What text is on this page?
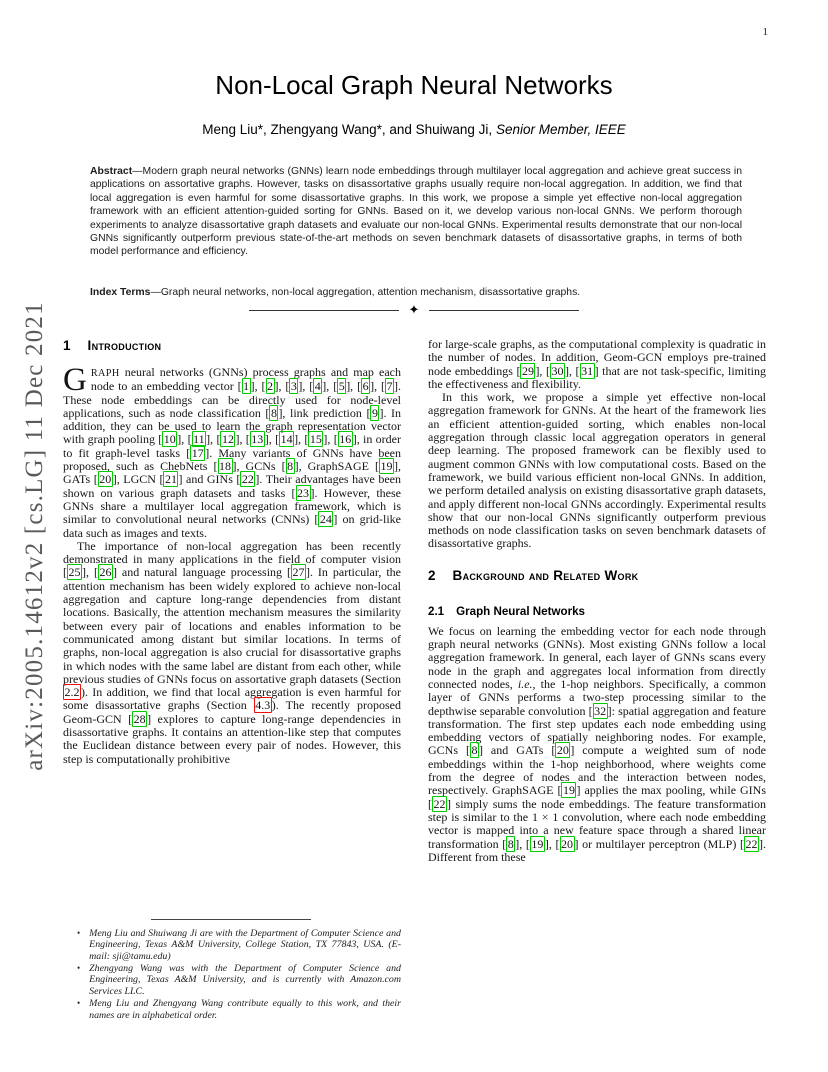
1
arXiv:2005.14612v2 [cs.LG] 11 Dec 2021
Non-Local Graph Neural Networks
Meng Liu*, Zhengyang Wang*, and Shuiwang Ji, Senior Member, IEEE
Abstract—Modern graph neural networks (GNNs) learn node embeddings through multilayer local aggregation and achieve great success in applications on assortative graphs. However, tasks on disassortative graphs usually require non-local aggregation. In addition, we find that local aggregation is even harmful for some disassortative graphs. In this work, we propose a simple yet effective non-local aggregation framework with an efficient attention-guided sorting for GNNs. Based on it, we develop various non-local GNNs. We perform thorough experiments to analyze disassortative graph datasets and evaluate our non-local GNNs. Experimental results demonstrate that our non-local GNNs significantly outperform previous state-of-the-art methods on seven benchmark datasets of disassortative graphs, in terms of both model performance and efficiency.
Index Terms—Graph neural networks, non-local aggregation, attention mechanism, disassortative graphs.
✦
1 Introduction

GRAPH neural networks (GNNs) process graphs and map each node to an embedding vector [ 1 ], [ 2 ], [ 3 ], [ 4 ], [ 5 ], [ 6 ], [ 7 ]. These node embeddings can be directly used for node-level applications, such as node classification [ 8 ], link prediction [ 9 ]. In addition, they can be used to learn the graph representation vector with graph pooling [ 10 ], [ 11 ], [ 12 ], [ 13 ], [ 14 ], [ 15 ], [ 16 ], in order to fit graph-level tasks [ 17 ]. Many variants of GNNs have been proposed, such as ChebNets [ 18 ], GCNs [ 8 ], GraphSAGE [ 19 ], GATs [ 20 ], LGCN [ 21 ] and GINs [ 22 ]. Their advantages have been shown on various graph datasets and tasks [ 23 ]. However, these GNNs share a multilayer local aggregation framework, which is similar to convolutional neural networks (CNNs) [ 24 ] on grid-like data such as images and texts.

The importance of non-local aggregation has been recently demonstrated in many applications in the field of computer vision [ 25 ], [ 26 ] and natural language processing [ 27 ]. In particular, the attention mechanism has been widely explored to achieve non-local aggregation and capture long-range dependencies from distant locations. Basically, the attention mechanism measures the similarity between every pair of locations and enables information to be communicated among distant but similar locations. In terms of graphs, non-local aggregation is also crucial for disassortative graphs in which nodes with the same label are distant from each other, while previous studies of GNNs focus on assortative graph datasets (Section 2.2 ). In addition, we find that local aggregation is even harmful for some disassortative graphs (Section 4.3 ). The recently proposed Geom-GCN [ 28 ] explores to capture long-range dependencies in disassortative graphs. It contains an attention-like step that computes the Euclidean distance between every pair of nodes. However, this step is computationally prohibitive

• Meng Liu and Shuiwang Ji are with the Department of Computer Science and Engineering, Texas A&M University, College Station, TX 77843, USA. (E-mail: sji@tamu.edu)
• Zhengyang Wang was with the Department of Computer Science and Engineering, Texas A&M University, and is currently with Amazon.com Services LLC.
• Meng Liu and Zhengyang Wang contribute equally to this work, and their names are in alphabetical order.

for large-scale graphs, as the computational complexity is quadratic in the number of nodes. In addition, Geom-GCN employs pre-trained node embeddings [ 29 ], [ 30 ], [ 31 ] that are not task-specific, limiting the effectiveness and flexibility.

In this work, we propose a simple yet effective non-local aggregation framework for GNNs. At the heart of the framework lies an efficient attention-guided sorting, which enables non-local aggregation through classic local aggregation operators in general deep learning. The proposed framework can be flexibly used to augment common GNNs with low computational costs. Based on the framework, we build various efficient non-local GNNs. In addition, we perform detailed analysis on existing disassortative graph datasets, and apply different non-local GNNs accordingly. Experimental results show that our non-local GNNs significantly outperform previous methods on node classification tasks on seven benchmark datasets of disassortative graphs.

2 Background and Related Work
2.1 Graph Neural Networks

We focus on learning the embedding vector for each node through graph neural networks (GNNs). Most existing GNNs follow a local aggregation framework. In general, each layer of GNNs scans every node in the graph and aggregates local information from directly connected nodes, i.e., the 1-hop neighbors. Specifically, a common layer of GNNs performs a two-step processing similar to the depthwise separable convolution [ 32 ]: spatial aggregation and feature transformation. The first step updates each node embedding using embedding vectors of spatially neighboring nodes. For example, GCNs [ 8 ] and GATs [ 20 ] compute a weighted sum of node embeddings within the 1-hop neighborhood, where weights come from the degree of nodes and the interaction between nodes, respectively. GraphSAGE [ 19 ] applies the max pooling, while GINs [ 22 ] simply sums the node embeddings. The feature transformation step is similar to the 1 × 1 convolution, where each node embedding vector is mapped into a new feature space through a shared linear transformation [ 8 ], [ 19 ], [ 20 ] or multilayer perceptron (MLP) [ 22 ]. Different from these
